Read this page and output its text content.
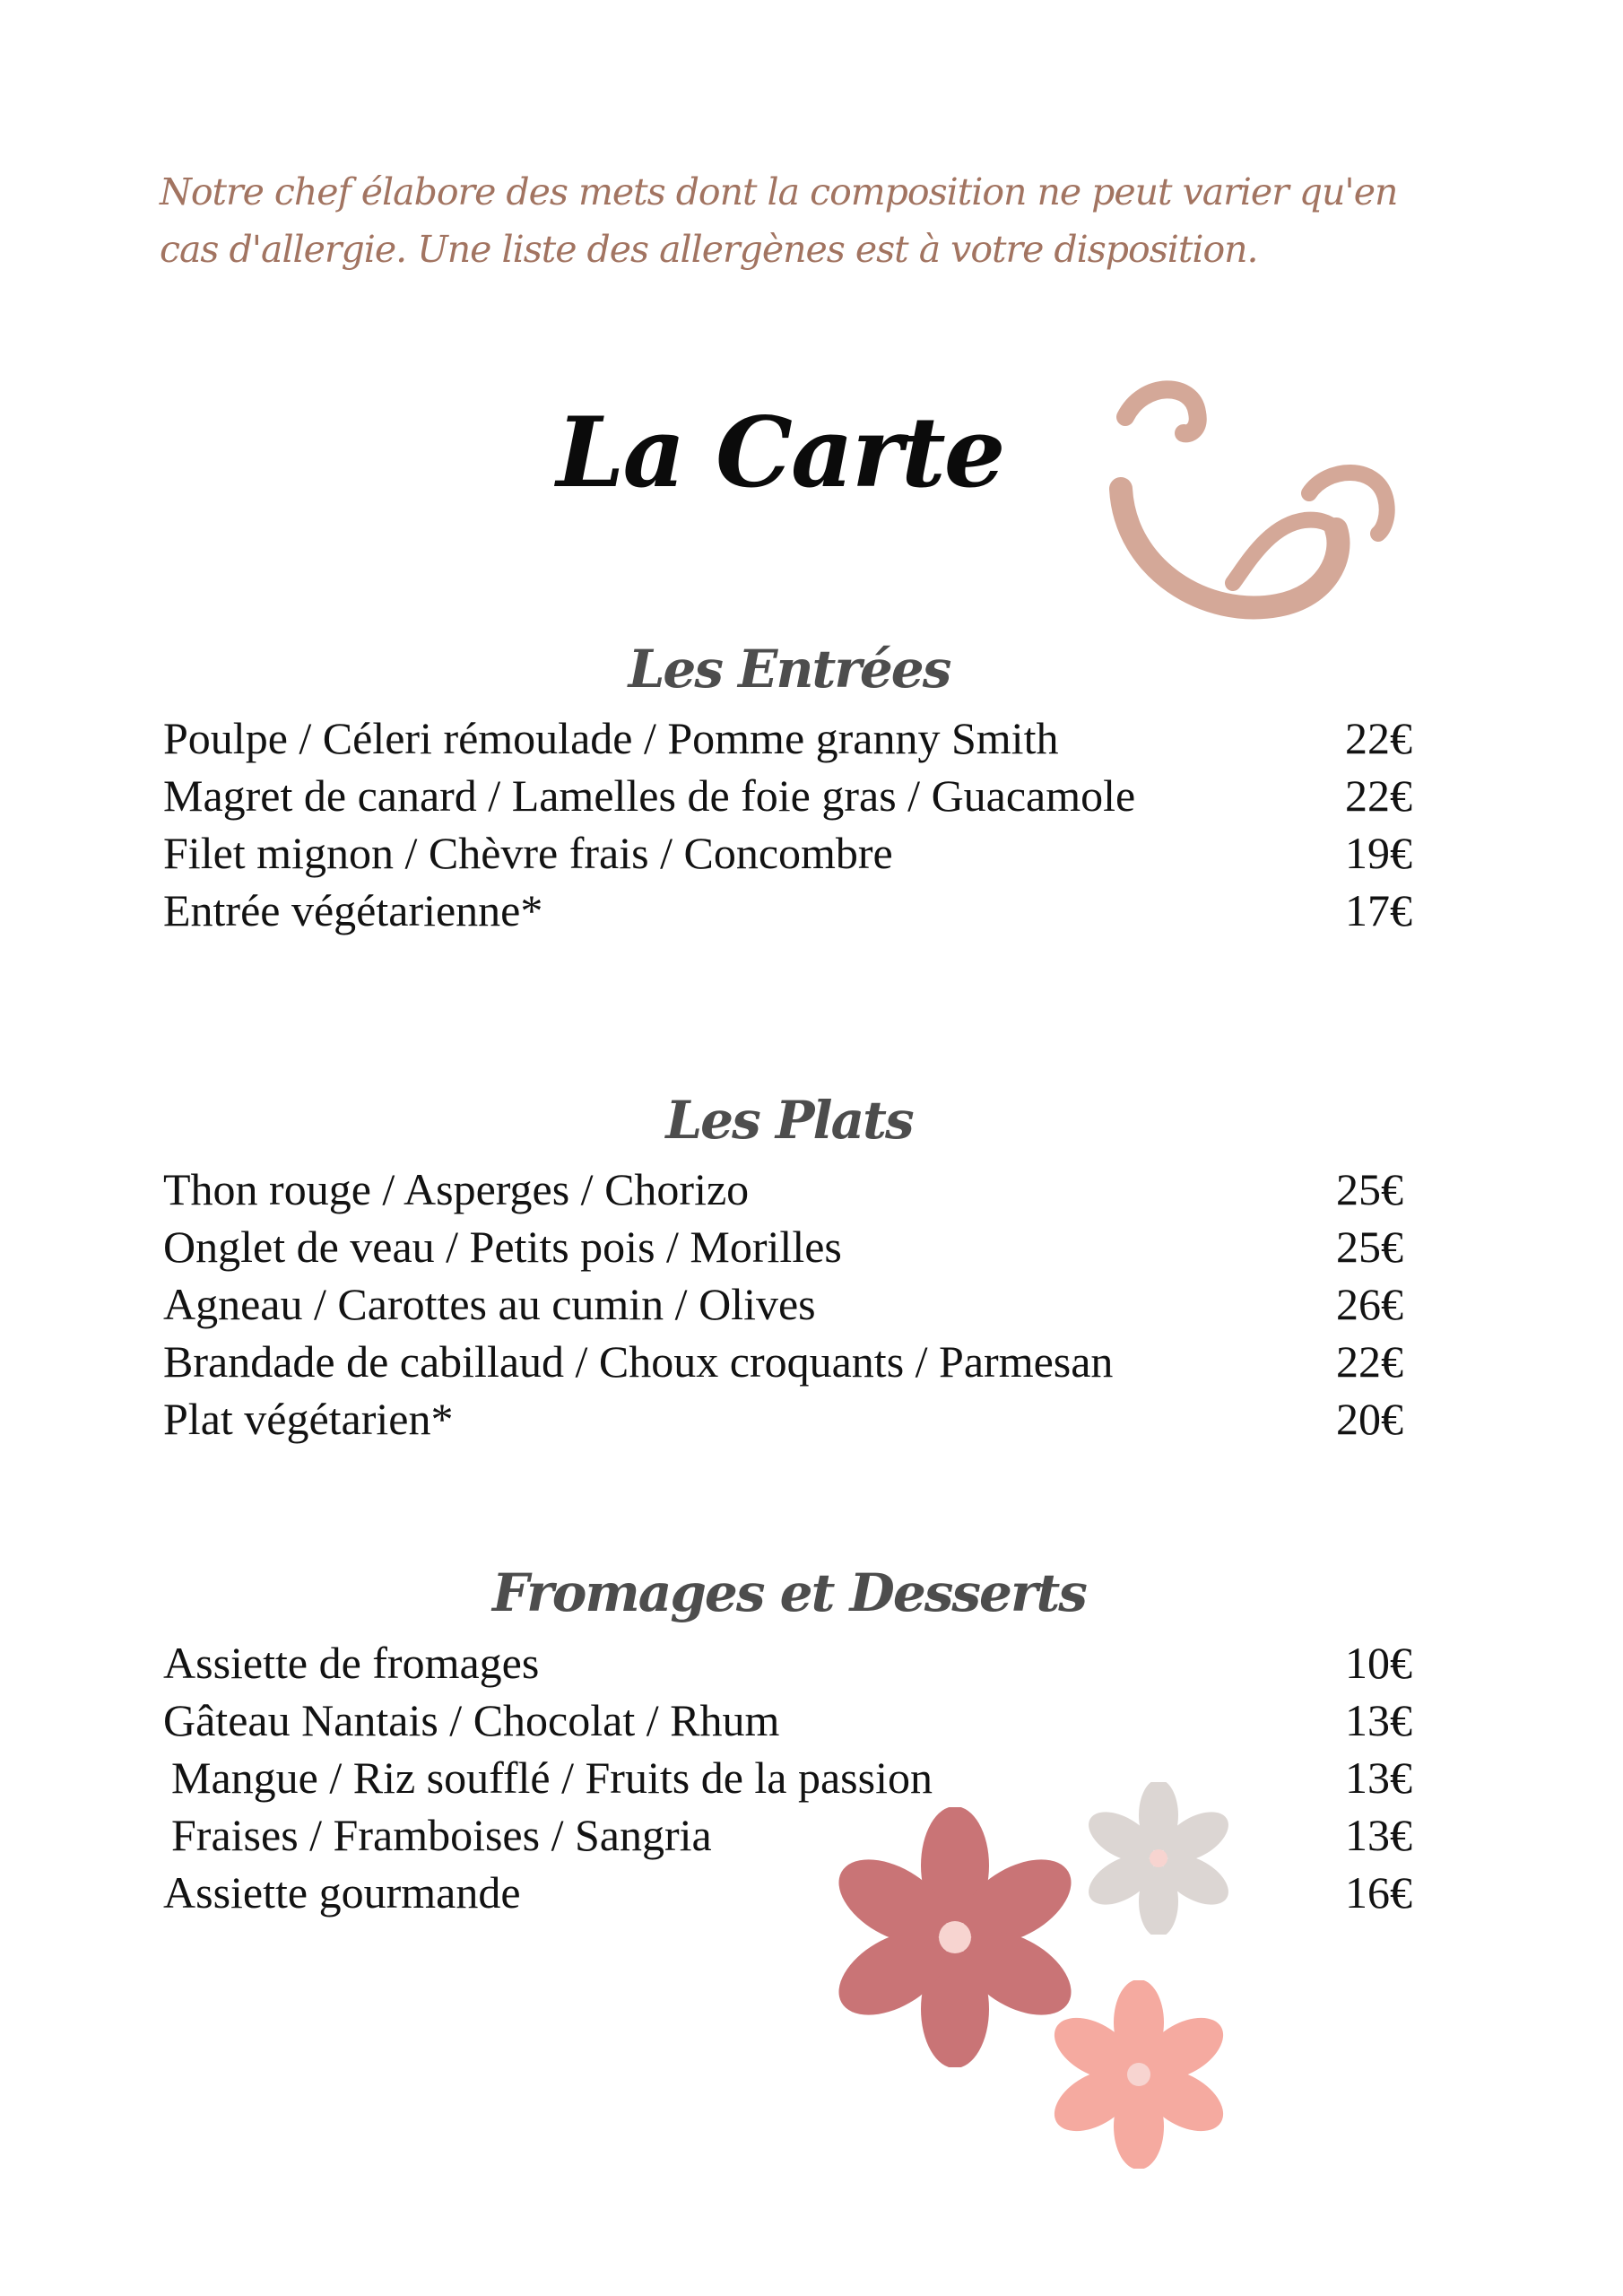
Notre chef élabore des mets dont la composition ne peut varier qu'en cas d'allergie. Une liste des allergènes est à votre disposition.

La Carte
Les Entrées
Poulpe / Céleri rémoulade / Pomme granny Smith	22€
Magret de canard / Lamelles de foie gras / Guacamole	22€
Filet mignon / Chèvre frais / Concombre	19€
Entrée végétarienne*	17€
Les Plats
Thon rouge / Asperges / Chorizo	25€
Onglet de veau / Petits pois / Morilles	25€
Agneau / Carottes au cumin / Olives	26€
Brandade de cabillaud / Choux croquants / Parmesan	22€
Plat végétarien*	20€
Fromages et Desserts
Assiette de fromages	10€
Gâteau Nantais / Chocolat / Rhum	13€
Mangue / Riz soufflé / Fruits de la passion	13€
Fraises / Framboises / Sangria	13€
Assiette gourmande	16€
